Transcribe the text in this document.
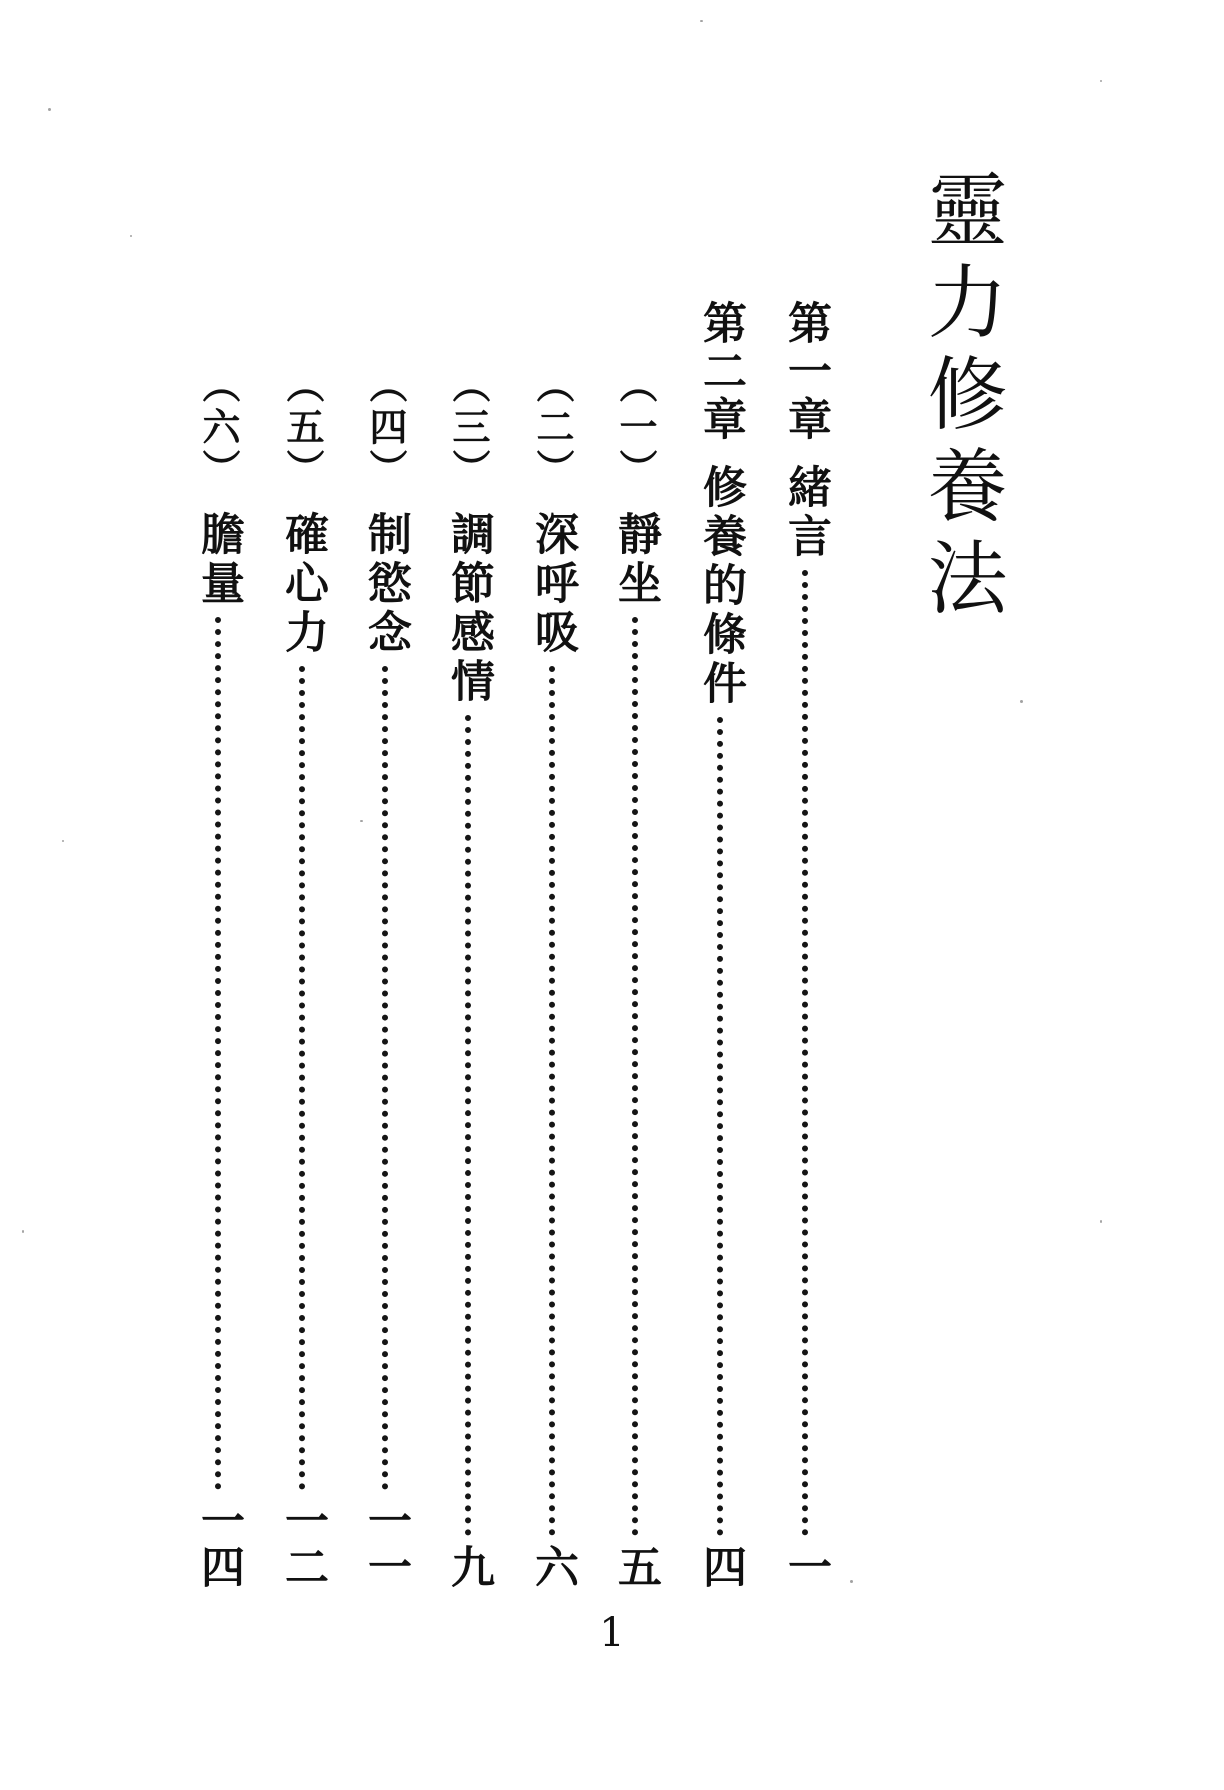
靈力修養法
第一章
緒言
一
第二章
修養的條件
四
（一）
靜坐
五
（二）
深呼吸
六
（三）
調節感情
九
（四）
制慾念
一一
（五）
確心力
一二
（六）
膽量
一四
1
